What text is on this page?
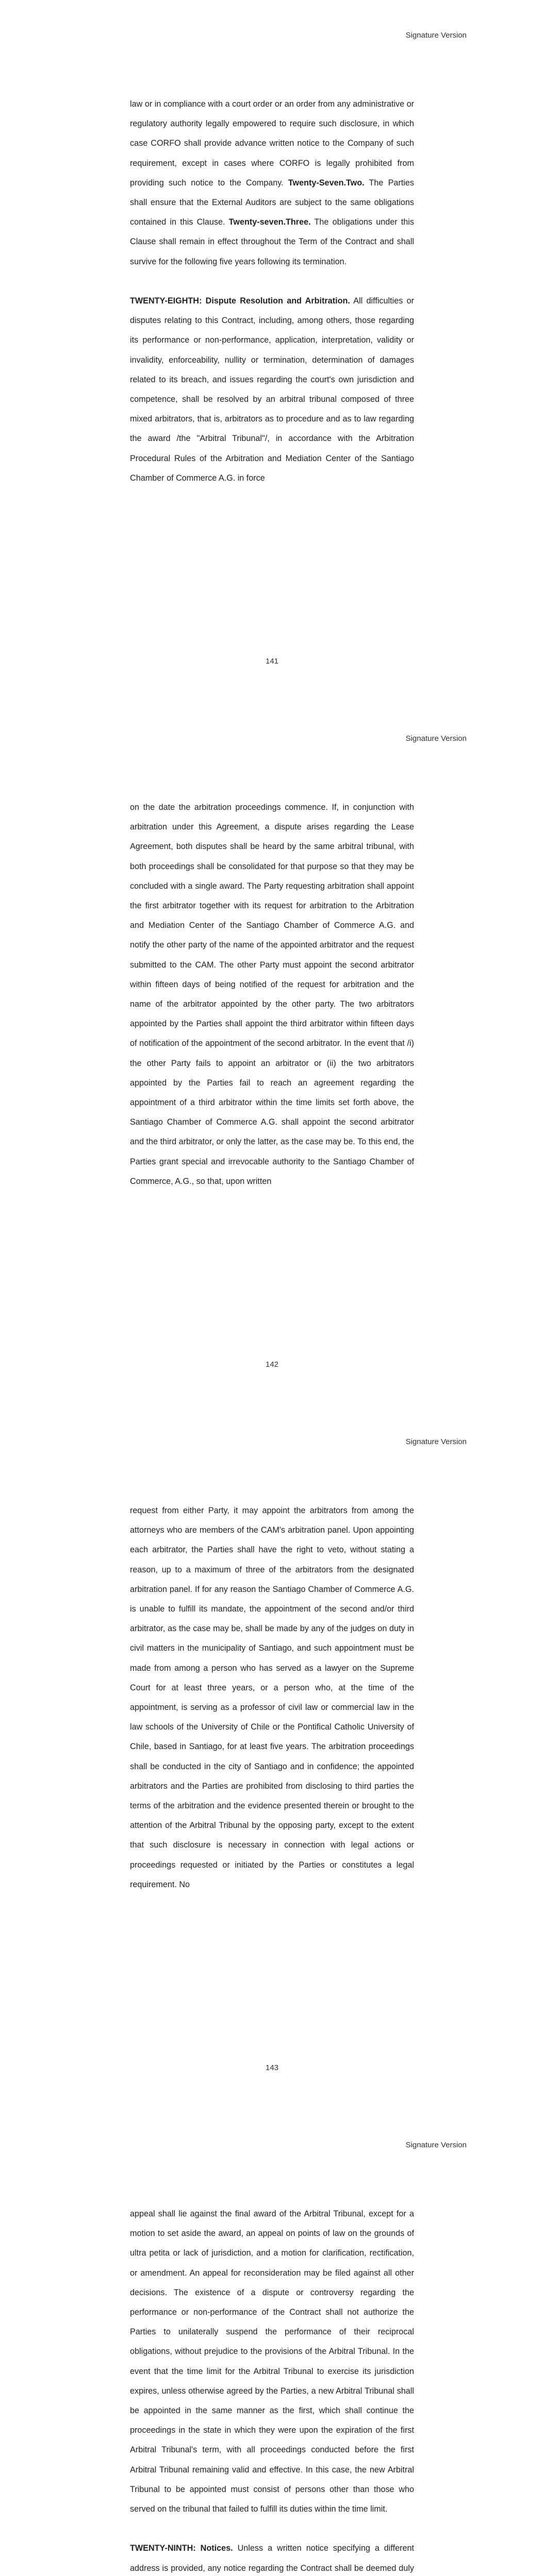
Signature Version

law or in compliance with a court order or an order from any administrative or regulatory authority legally empowered to require such disclosure, in which case CORFO shall provide advance written notice to the Company of such requirement, except in cases where CORFO is legally prohibited from providing such notice to the Company. Twenty-Seven.Two. The Parties shall ensure that the External Auditors are subject to the same obligations contained in this Clause. Twenty-seven.Three. The obligations under this Clause shall remain in effect throughout the Term of the Contract and shall survive for the following five years following its termination.

TWENTY-EIGHTH: Dispute Resolution and Arbitration. All difficulties or disputes relating to this Contract, including, among others, those regarding its performance or non-performance, application, interpretation, validity or invalidity, enforceability, nullity or termination, determination of damages related to its breach, and issues regarding the court's own jurisdiction and competence, shall be resolved by an arbitral tribunal composed of three mixed arbitrators, that is, arbitrators as to procedure and as to law regarding the award /the "Arbitral Tribunal"/, in accordance with the Arbitration Procedural Rules of the Arbitration and Mediation Center of the Santiago Chamber of Commerce A.G. in force

141
Signature Version

on the date the arbitration proceedings commence. If, in conjunction with arbitration under this Agreement, a dispute arises regarding the Lease Agreement, both disputes shall be heard by the same arbitral tribunal, with both proceedings shall be consolidated for that purpose so that they may be concluded with a single award. The Party requesting arbitration shall appoint the first arbitrator together with its request for arbitration to the Arbitration and Mediation Center of the Santiago Chamber of Commerce A.G. and notify the other party of the name of the appointed arbitrator and the request submitted to the CAM. The other Party must appoint the second arbitrator within fifteen days of being notified of the request for arbitration and the name of the arbitrator appointed by the other party. The two arbitrators appointed by the Parties shall appoint the third arbitrator within fifteen days of notification of the appointment of the second arbitrator. In the event that /i) the other Party fails to appoint an arbitrator or (ii) the two arbitrators appointed by the Parties fail to reach an agreement regarding the appointment of a third arbitrator within the time limits set forth above, the Santiago Chamber of Commerce A.G. shall appoint the second arbitrator and the third arbitrator, or only the latter, as the case may be. To this end, the Parties grant special and irrevocable authority to the Santiago Chamber of Commerce, A.G., so that, upon written

142
Signature Version

request from either Party, it may appoint the arbitrators from among the attorneys who are members of the CAM's arbitration panel. Upon appointing each arbitrator, the Parties shall have the right to veto, without stating a reason, up to a maximum of three of the arbitrators from the designated arbitration panel. If for any reason the Santiago Chamber of Commerce A.G. is unable to fulfill its mandate, the appointment of the second and/or third arbitrator, as the case may be, shall be made by any of the judges on duty in civil matters in the municipality of Santiago, and such appointment must be made from among a person who has served as a lawyer on the Supreme Court for at least three years, or a person who, at the time of the appointment, is serving as a professor of civil law or commercial law in the law schools of the University of Chile or the Pontifical Catholic University of Chile, based in Santiago, for at least five years. The arbitration proceedings shall be conducted in the city of Santiago and in confidence; the appointed arbitrators and the Parties are prohibited from disclosing to third parties the terms of the arbitration and the evidence presented therein or brought to the attention of the Arbitral Tribunal by the opposing party, except to the extent that such disclosure is necessary in connection with legal actions or proceedings requested or initiated by the Parties or constitutes a legal requirement. No

143
Signature Version

appeal shall lie against the final award of the Arbitral Tribunal, except for a motion to set aside the award, an appeal on points of law on the grounds of ultra petita or lack of jurisdiction, and a motion for clarification, rectification, or amendment. An appeal for reconsideration may be filed against all other decisions. The existence of a dispute or controversy regarding the performance or non-performance of the Contract shall not authorize the Parties to unilaterally suspend the performance of their reciprocal obligations, without prejudice to the provisions of the Arbitral Tribunal. In the event that the time limit for the Arbitral Tribunal to exercise its jurisdiction expires, unless otherwise agreed by the Parties, a new Arbitral Tribunal shall be appointed in the same manner as the first, which shall continue the proceedings in the state in which they were upon the expiration of the first Arbitral Tribunal's term, with all proceedings conducted before the first Arbitral Tribunal remaining valid and effective. In this case, the new Arbitral Tribunal to be appointed must consist of persons other than those who served on the tribunal that failed to fulfill its duties within the time limit.

TWENTY-NINTH: Notices. Unless a written notice specifying a different address is provided, any notice regarding the Contract shall be deemed duly
